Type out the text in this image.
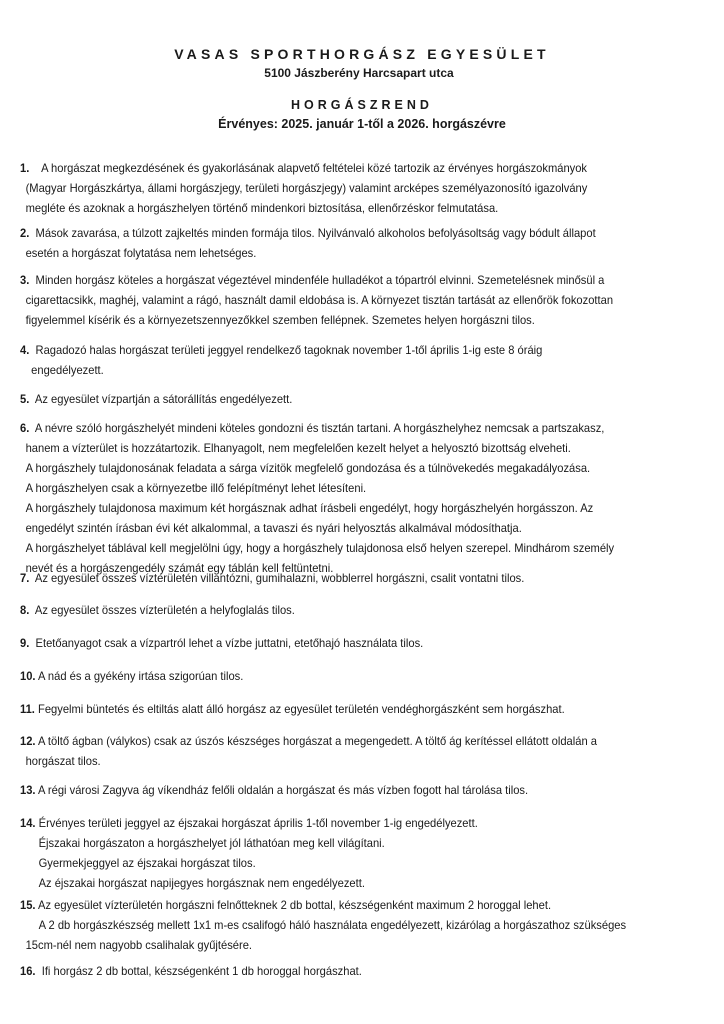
VASAS SPORTHORGÁSZ EGYESÜLET
5100 Jászberény Harcsapart utca
HORGÁSZREND
Érvényes: 2025. január 1-től a 2026. horgászévre
1. A horgászat megkezdésének és gyakorlásának alapvető feltételei közé tartozik az érvényes horgászokmányok
(Magyar Horgászkártya, állami horgászjegy, területi horgászjegy) valamint arcképes személyazonosító igazolvány
megléte és azoknak a horgászhelyen történő mindenkori biztosítása, ellenőrzéskor felmutatása.
2. Mások zavarása, a túlzott zajkeltés minden formája tilos. Nyilvánvaló alkoholos befolyásoltság vagy bódult állapot
esetén a horgászat folytatása nem lehetséges.
3. Minden horgász köteles a horgászat végeztével mindenféle hulladékot a tópartról elvinni. Szemetelésnek minősül a
cigarettacsikk, maghéj, valamint a rágó, használt damil eldobása is. A környezet tisztán tartását az ellenőrök fokozottan
figyelemmel kísérik és a környezetszennyezőkkel szemben fellépnek. Szemetes helyen horgászni tilos.
4. Ragadozó halas horgászat területi jeggyel rendelkező tagoknak november 1-től április 1-ig este 8 óráig
engedélyezett.
5. Az egyesület vízpartján a sátorállítás engedélyezett.
6. A névre szóló horgászhelyét mindeni köteles gondozni és tisztán tartani. A horgászhelyhez nemcsak a partszakasz,
hanem a vízterület is hozzátartozik. Elhanyagolt, nem megfelelően kezelt helyet a helyosztó bizottság elveheti.
A horgászhely tulajdonosának feladata a sárga vízitök megfelelő gondozása és a túlnövekedés megakadályozása.
A horgászhelyen csak a környezetbe illő felépítményt lehet létesíteni.
A horgászhely tulajdonosa maximum két horgásznak adhat írásbeli engedélyt, hogy horgászhelyén horgásszon. Az
engedélyt szintén írásban évi két alkalommal, a tavaszi és nyári helyosztás alkalmával módosíthatja.
A horgászhelyet táblával kell megjelölni úgy, hogy a horgászhely tulajdonosa első helyen szerepel. Mindhárom személy
nevét és a horgászengedély számát egy táblán kell feltüntetni.
7. Az egyesület összes vízterületén villantózni, gumihalazni, wobblerrel horgászni, csalit vontatni tilos.
8. Az egyesület összes vízterületén a helyfoglalás tilos.
9. Etetőanyagot csak a vízpartról lehet a vízbe juttatni, etetőhajó használata tilos.
10. A nád és a gyékény irtása szigorúan tilos.
11. Fegyelmi büntetés és eltiltás alatt álló horgász az egyesület területén vendéghorgászként sem horgászhat.
12. A töltő ágban (válykos) csak az úszós készséges horgászat a megengedett. A töltő ág kerítéssel ellátott oldalán a
horgászat tilos.
13. A régi városi Zagyva ág víkendház felőli oldalán a horgászat és más vízben fogott hal tárolása tilos.
14. Érvényes területi jeggyel az éjszakai horgászat április 1-től november 1-ig engedélyezett.
Éjszakai horgászaton a horgászhelyet jól láthatóan meg kell világítani.
Gyermekjeggyel az éjszakai horgászat tilos.
Az éjszakai horgászat napijegyes horgásznak nem engedélyezett.
15. Az egyesület vízterületén horgászni felnőtteknek 2 db bottal, készségenként maximum 2 horoggal lehet.
A 2 db horgászkészség mellett 1x1 m-es csalifogó háló használata engedélyezett, kizárólag a horgászathoz szükséges
15cm-nél nem nagyobb csalihalak gyűjtésére.
16. Ifi horgász 2 db bottal, készségenként 1 db horoggal horgászhat.
